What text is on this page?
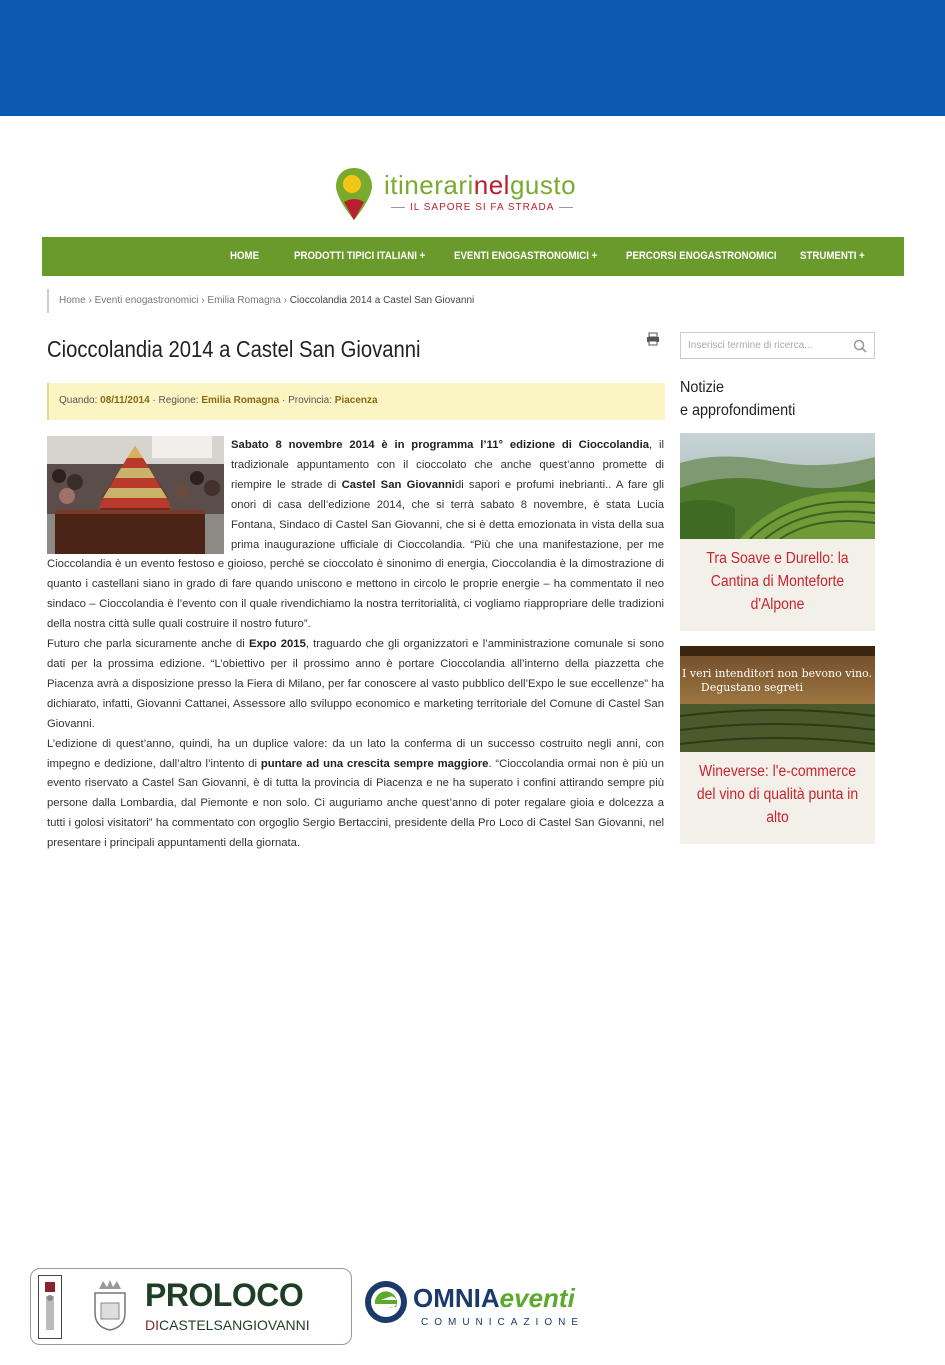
itinerarinelgusto
IL SAPORE SI FA STRADA
HOME	PRODOTTI TIPICI ITALIANI +	EVENTI ENOGASTRONOMICI +	PERCORSI ENOGASTRONOMICI STRUMENTI +
Home › Eventi enogastronomici › Emilia Romagna › Cioccolandia 2014 a Castel San Giovanni
Cioccolandia 2014 a Castel San Giovanni
Quando: 08/11/2014 · Regione: Emilia Romagna · Provincia: Piacenza

Sabato 8 novembre 2014 è in programma l’11° edizione di Cioccolandia, il tradizionale appuntamento con il cioccolato che anche quest’anno promette di riempire le strade di Castel San Giovannidi sapori e profumi inebrianti.. A fare gli onori di casa dell’edizione 2014, che si terrà sabato 8 novembre, è stata Lucia Fontana, Sindaco di Castel San Giovanni, che si è detta emozionata in vista della sua prima inaugurazione ufficiale di Cioccolandia. “Più che una manifestazione, per me Cioccolandia è un evento festoso e gioioso, perché se cioccolato è sinonimo di energia, Cioccolandia è la dimostrazione di quanto i castellani siano in grado di fare quando uniscono e mettono in circolo le proprie energie – ha commentato il neo sindaco – Cioccolandia è l’evento con il quale rivendichiamo la nostra territorialità, ci vogliamo riappropriare delle tradizioni della nostra città sulle quali costruire il nostro futuro”.

Futuro che parla sicuramente anche di Expo 2015, traguardo che gli organizzatori e l’amministrazione comunale si sono dati per la prossima edizione. “L’obiettivo per il prossimo anno è portare Cioccolandia all’interno della piazzetta che Piacenza avrà a disposizione presso la Fiera di Milano, per far conoscere al vasto pubblico dell’Expo le sue eccellenze” ha dichiarato, infatti, Giovanni Cattanei, Assessore allo sviluppo economico e marketing territoriale del Comune di Castel San Giovanni.

L’edizione di quest’anno, quindi, ha un duplice valore: da un lato la conferma di un successo costruito negli anni, con impegno e dedizione, dall’altro l’intento di puntare ad una crescita sempre maggiore. “Cioccolandia ormai non è più un evento riservato a Castel San Giovanni, è di tutta la provincia di Piacenza e ne ha superato i confini attirando sempre più persone dalla Lombardia, dal Piemonte e non solo. Ci auguriamo anche quest’anno di poter regalare gioia e dolcezza a tutti i golosi visitatori” ha commentato con orgoglio Sergio Bertaccini, presidente della Pro Loco di Castel San Giovanni, nel presentare i principali appuntamenti della giornata.

Inserisci termine di ricerca...
Notizie
e approfondimenti
Tra Soave e Durello: la Cantina di Monteforte d'Alpone
I veri intenditori non bevono vino.
Degustano segreti
Wineverse: l'e-commerce del vino di qualità punta in alto
PROLOCO
DICASTELSANGIOVANNI
OMNIAeventi
COMUNICAZIONE
